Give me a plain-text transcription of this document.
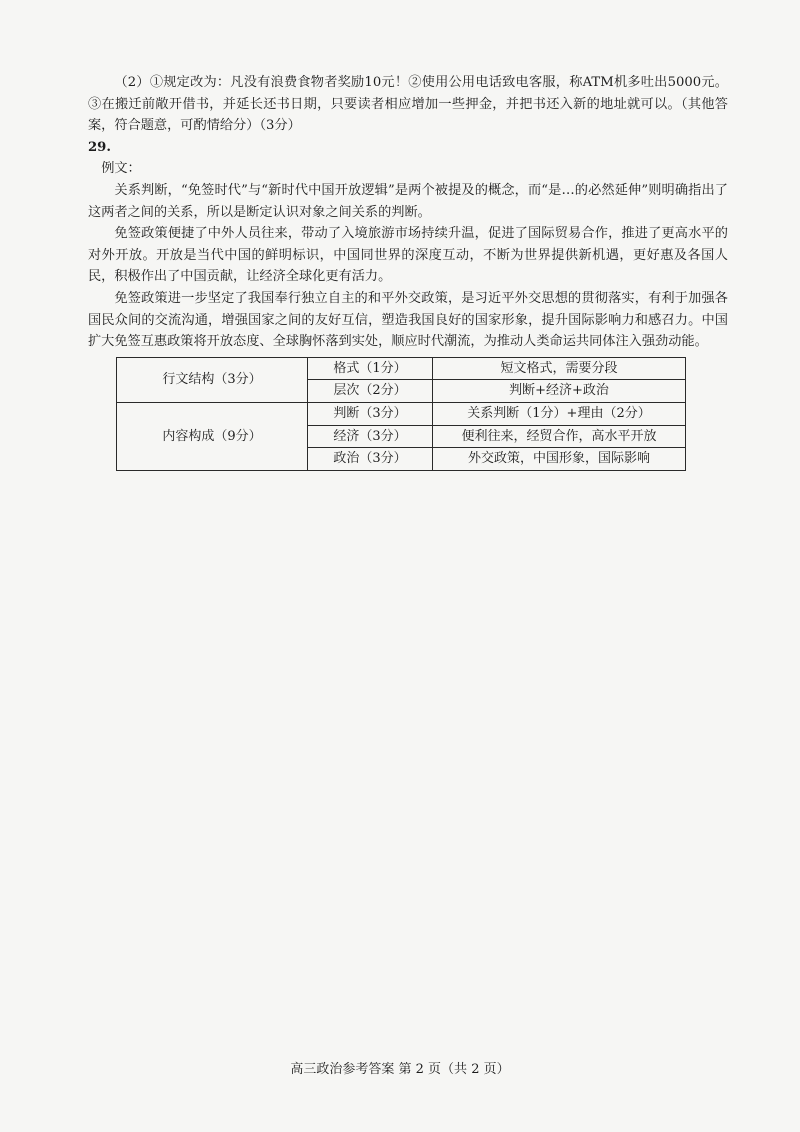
（2）①规定改为：凡没有浪费食物者奖励10元！②使用公用电话致电客服，称ATM机多吐出5000元。③在搬迁前敞开借书，并延长还书日期，只要读者相应增加一些押金，并把书还入新的地址就可以。（其他答案，符合题意，可酌情给分）（3分）

29.

例文：

关系判断，“免签时代”与“新时代中国开放逻辑”是两个被提及的概念，而“是…的必然延伸”则明确指出了这两者之间的关系，所以是断定认识对象之间关系的判断。

免签政策便捷了中外人员往来，带动了入境旅游市场持续升温，促进了国际贸易合作，推进了更高水平的对外开放。开放是当代中国的鲜明标识，中国同世界的深度互动，不断为世界提供新机遇，更好惠及各国人民，积极作出了中国贡献，让经济全球化更有活力。

免签政策进一步坚定了我国奉行独立自主的和平外交政策，是习近平外交思想的贯彻落实，有利于加强各国民众间的交流沟通，增强国家之间的友好互信，塑造我国良好的国家形象，提升国际影响力和感召力。中国扩大免签互惠政策将开放态度、全球胸怀落到实处，顺应时代潮流，为推动人类命运共同体注入强劲动能。

行文结构（3分）	格式（1分）	短文格式，需要分段
	层次（2分）	判断+经济+政治
内容构成（9分）	判断（3分）	关系判断（1分）+理由（2分）
	经济（3分）	便利往来，经贸合作，高水平开放
	政治（3分）	外交政策，中国形象，国际影响
高三政治参考答案 第 2 页（共 2 页）
